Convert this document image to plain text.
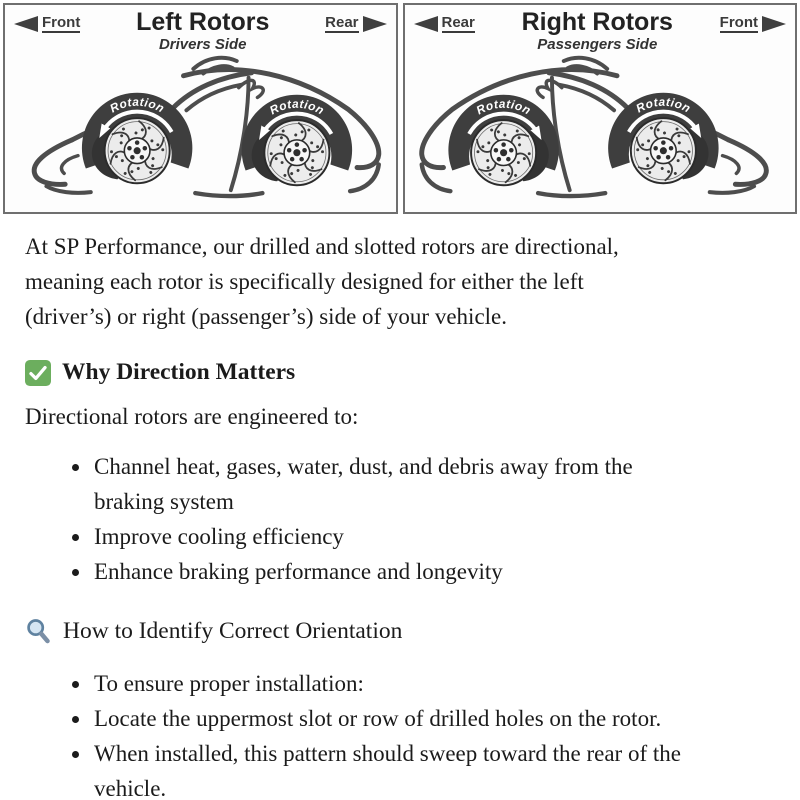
Front	Left Rotors
Drivers Side
Rear
Rotation	Rotation
Rear	Right Rotors
Passengers Side
Front
Rotation	Rotation
At SP Performance, our drilled and slotted rotors are directional,
meaning each rotor is specifically designed for either the left
(driver’s) or right (passenger’s) side of your vehicle.
Why Direction Matters

Directional rotors are engineered to:

• Channel heat, gases, water, dust, and debris away from the
braking system
• Improve cooling efficiency
• Enhance braking performance and longevity
How to Identify Correct Orientation
• To ensure proper installation:
• Locate the uppermost slot or row of drilled holes on the rotor.
• When installed, this pattern should sweep toward the rear of the
vehicle.
